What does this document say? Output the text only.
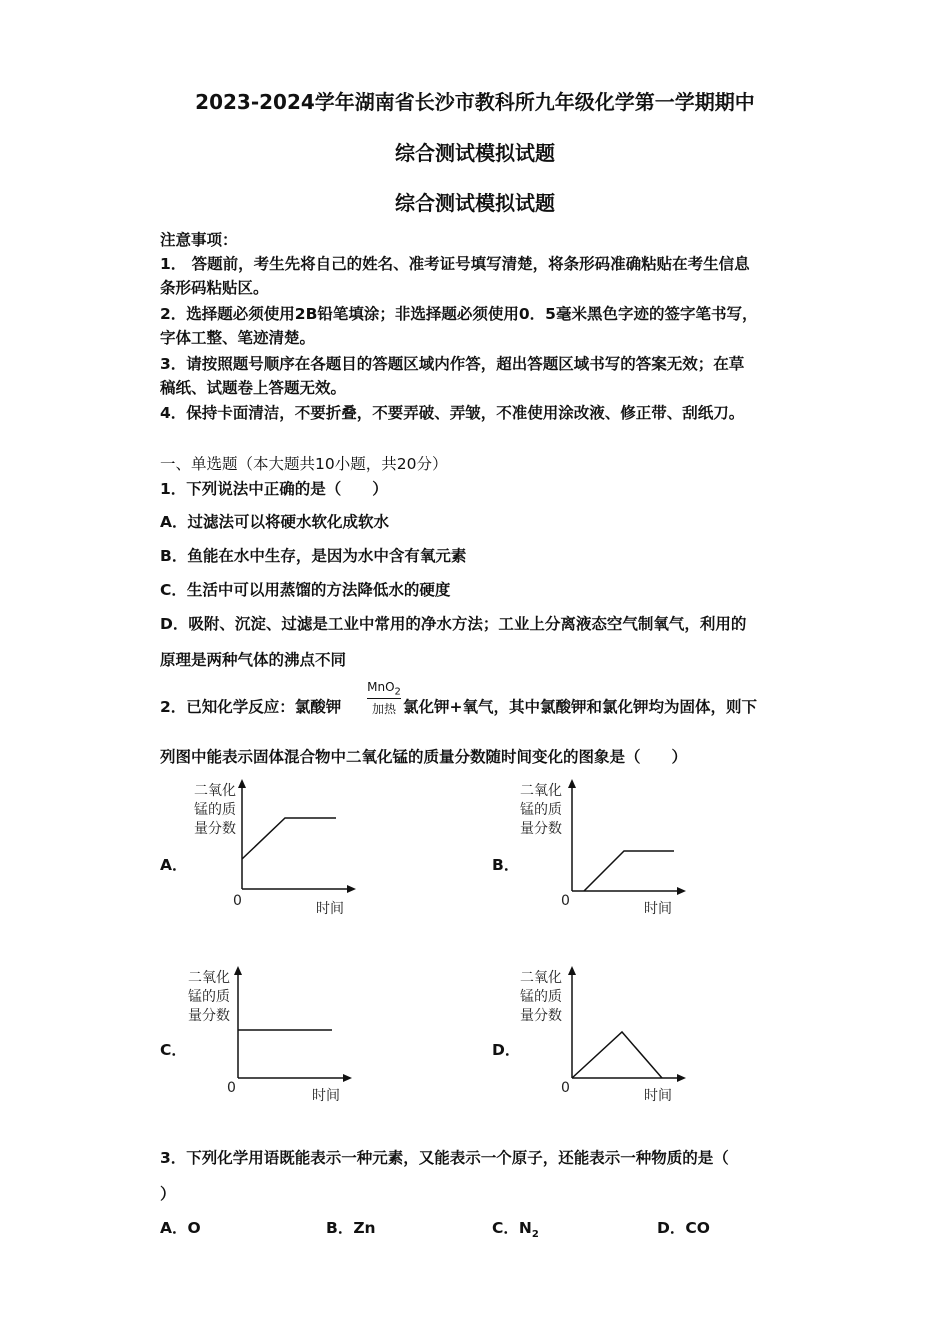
2023-2024学年湖南省长沙市教科所九年级化学第一学期期中
综合测试模拟试题
综合测试模拟试题
注意事项：
1． 答题前，考生先将自己的姓名、准考证号填写清楚，将条形码准确粘贴在考生信息
条形码粘贴区。
2．选择题必须使用2B铅笔填涂；非选择题必须使用0．5毫米黑色字迹的签字笔书写，
字体工整、笔迹清楚。
3．请按照题号顺序在各题目的答题区域内作答，超出答题区域书写的答案无效；在草
稿纸、试题卷上答题无效。
4．保持卡面清洁，不要折叠，不要弄破、弄皱，不准使用涂改液、修正带、刮纸刀。
一、单选题（本大题共10小题，共20分）
1．下列说法中正确的是（　　）
A．过滤法可以将硬水软化成软水
B．鱼能在水中生存，是因为水中含有氧元素
C．生活中可以用蒸馏的方法降低水的硬度
D．吸附、沉淀、过滤是工业中常用的净水方法；工业上分离液态空气制氧气，利用的
原理是两种气体的沸点不同
2．已知化学反应：氯酸钾
MnO$_2$
加热 氯化钾+氧气，其中氯酸钾和氯化钾均为固体，则下
列图中能表示固体混合物中二氧化锰的质量分数随时间变化的图象是（　　）
A．	B．
C．	D．
二氧化
锰的质
量分数
0	时间
二氧化
锰的质
量分数
0	时间
二氧化
锰的质
量分数
0	时间
二氧化
锰的质
量分数
0	时间
3．下列化学用语既能表示一种元素，又能表示一个原子，还能表示一种物质的是（
）
A．O	B．Zn	C．$N_2$	D．CO
